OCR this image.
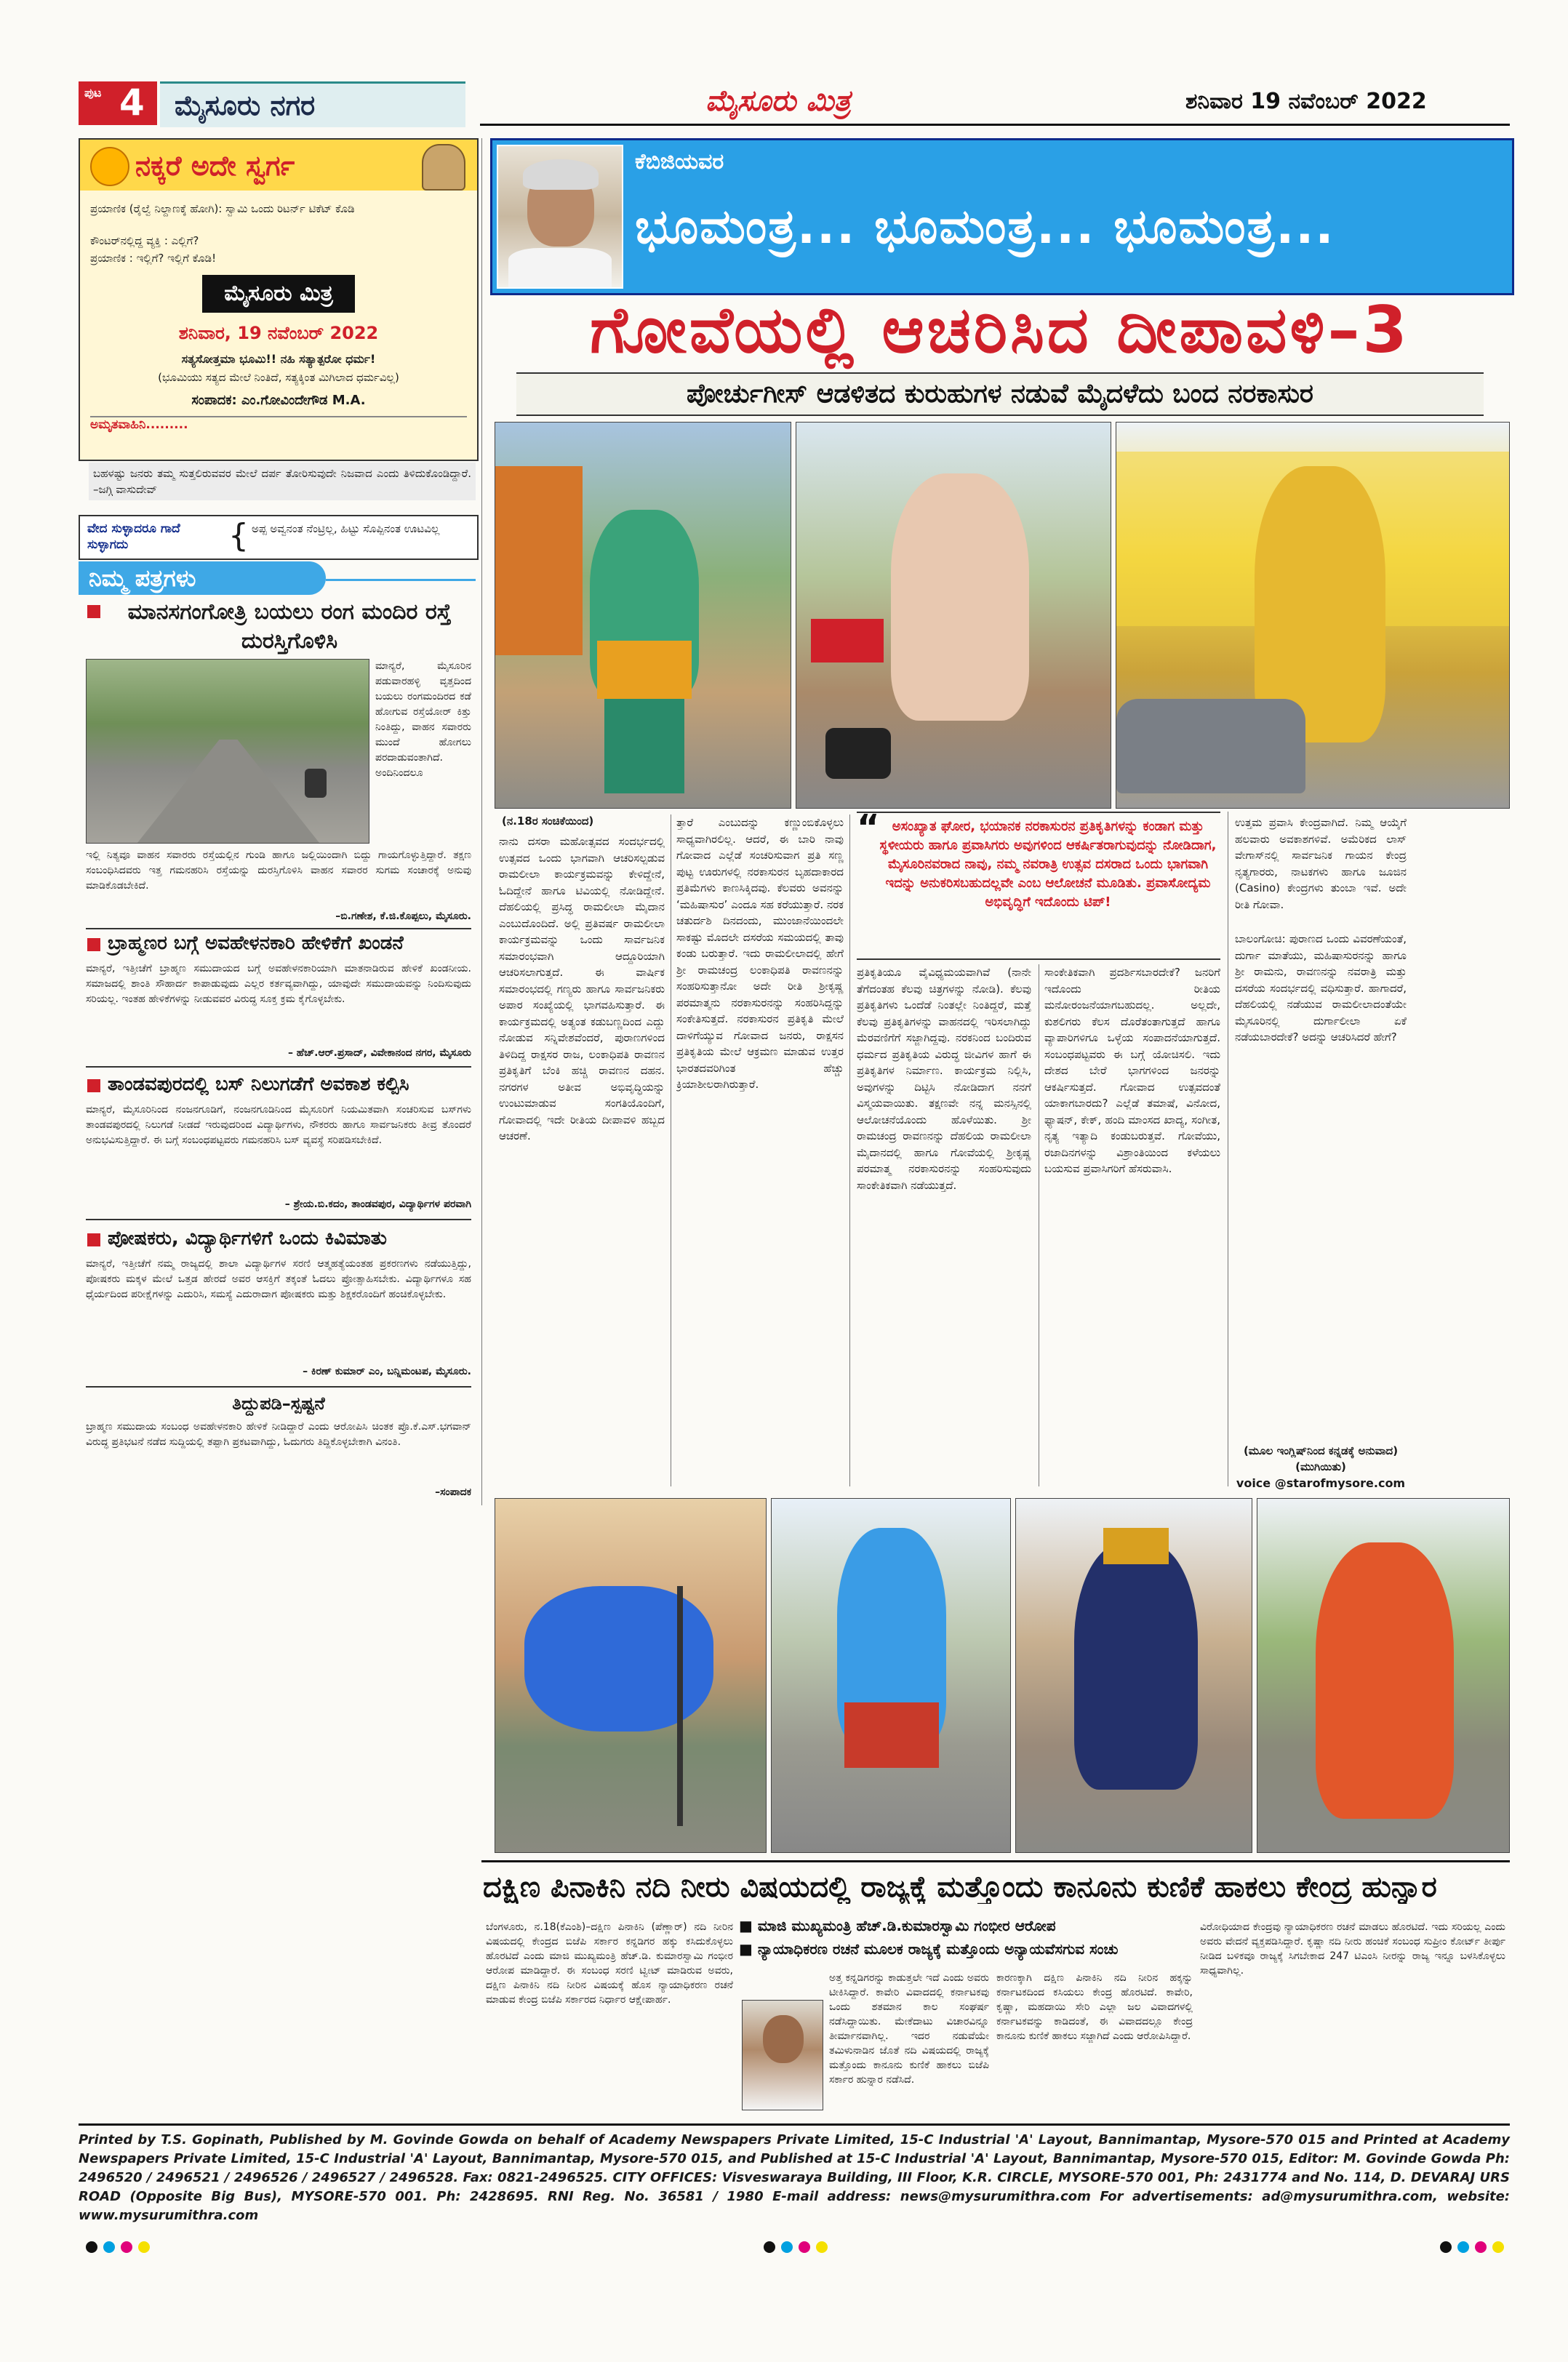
ಪುಟ 4 ಮೈಸೂರು ನಗರ	ಮೈಸೂರು ಮಿತ್ರ	ಶನಿವಾರ 19 ನವೆಂಬರ್ 2022
ನಕ್ಕರೆ ಅದೇ ಸ್ವರ್ಗ
ಪ್ರಯಾಣಿಕ (ರೈಲ್ವೆ ನಿಲ್ದಾಣಕ್ಕೆ ಹೋಗಿ): ಸ್ವಾಮಿ ಒಂದು ರಿಟರ್ನ್ ಟಿಕೆಟ್ ಕೊಡಿ
ಕೌಂಟರ್‌ನಲ್ಲಿದ್ದ ವ್ಯಕ್ತಿ : ಎಲ್ಲಿಗೆ?
ಪ್ರಯಾಣಿಕ : ಇಲ್ಲಿಗೆ? ಇಲ್ಲಿಗೆ ಕೊಡಿ!
ಮೈಸೂರು ಮಿತ್ರ
ಶನಿವಾರ, 19 ನವೆಂಬರ್ 2022
ಸತ್ಯಸೋತ್ತಮಾ ಭೂಮಿ!! ನಹಿ ಸತ್ಯಾತ್ಪರೋ ಧರ್ಮ!
(ಭೂಮಿಯು ಸತ್ಯದ ಮೇಲೆ ನಿಂತಿದೆ, ಸತ್ಯಕ್ಕಿಂತ ಮಿಗಿಲಾದ ಧರ್ಮವಿಲ್ಲ)
ಸಂಪಾದಕ: ಎಂ.ಗೋವಿಂದೇಗೌಡ M.A.
ಅಮೃತವಾಹಿನಿ.........
ಬಹಳಷ್ಟು ಜನರು ತಮ್ಮ ಸುತ್ತಲಿರುವವರ ಮೇಲೆ ದರ್ಪ ತೋರಿಸುವುದೇ ನಿಜವಾದ ಎಂದು ತಿಳಿದುಕೊಂಡಿದ್ದಾರೆ. –ಜಗ್ಗಿ ವಾಸುದೇವ್
ವೇದ ಸುಳ್ಳಾದರೂ ಗಾದೆ ಸುಳ್ಳಾಗದು	{ ಅಪ್ಪ ಅವ್ವನಂತ ನೆಂಟ್ರಿಲ್ಲ, ಹಿಟ್ಟು ಸೊಪ್ಪಿನಂತ ಊಟವಿಲ್ಲ
ನಿಮ್ಮ ಪತ್ರಗಳು
ಮಾನಸಗಂಗೋತ್ರಿ ಬಯಲು ರಂಗ ಮಂದಿರ ರಸ್ತೆ ದುರಸ್ತಿಗೊಳಿಸಿ
ಮಾನ್ಯರೆ, ಮೈಸೂರಿನ ಪಡುವಾರಹಳ್ಳಿ ವೃತ್ತದಿಂದ ಬಯಲು ರಂಗಮಂದಿರದ ಕಡೆ ಹೋಗುವ ರಸ್ತೆಯೋರ್ ಕಿತ್ತು ನಿಂತಿದ್ದು, ವಾಹನ ಸವಾರರು ಮುಂದೆ ಹೋಗಲು ಪರದಾಡುವಂತಾಗಿದೆ. ಅಂದಿನಿಂದಲೂ
ಇಲ್ಲಿ ನಿತ್ಯವೂ ವಾಹನ ಸವಾರರು ರಸ್ತೆಯಲ್ಲಿನ ಗುಂಡಿ ಹಾಗೂ ಜಲ್ಲಿಯಿಂದಾಗಿ ಬಿದ್ದು ಗಾಯಗೊಳ್ಳುತ್ತಿದ್ದಾರೆ. ತಕ್ಷಣ ಸಂಬಂಧಿಸಿದವರು ಇತ್ತ ಗಮನಹರಿಸಿ ರಸ್ತೆಯನ್ನು ದುರಸ್ತಿಗೊಳಿಸಿ ವಾಹನ ಸವಾರರ ಸುಗಮ ಸಂಚಾರಕ್ಕೆ ಅನುವು ಮಾಡಿಕೊಡಬೇಕಿದೆ.
–ಬಿ.ಗಣೇಶ, ಕೆ.ಜಿ.ಕೊಪ್ಪಲು, ಮೈಸೂರು.
ಬ್ರಾಹ್ಮಣರ ಬಗ್ಗೆ ಅವಹೇಳನಕಾರಿ ಹೇಳಿಕೆಗೆ ಖಂಡನೆ
ಮಾನ್ಯರೆ, ಇತ್ತೀಚೆಗೆ ಬ್ರಾಹ್ಮಣ ಸಮುದಾಯದ ಬಗ್ಗೆ ಅವಹೇಳನಕಾರಿಯಾಗಿ ಮಾತನಾಡಿರುವ ಹೇಳಿಕೆ ಖಂಡನೀಯ. ಸಮಾಜದಲ್ಲಿ ಶಾಂತಿ ಸೌಹಾರ್ದ ಕಾಪಾಡುವುದು ಎಲ್ಲರ ಕರ್ತವ್ಯವಾಗಿದ್ದು, ಯಾವುದೇ ಸಮುದಾಯವನ್ನು ನಿಂದಿಸುವುದು ಸರಿಯಲ್ಲ. ಇಂತಹ ಹೇಳಿಕೆಗಳನ್ನು ನೀಡುವವರ ವಿರುದ್ಧ ಸೂಕ್ತ ಕ್ರಮ ಕೈಗೊಳ್ಳಬೇಕು.
– ಹೆಚ್.ಆರ್.ಪ್ರಸಾದ್, ವಿವೇಕಾನಂದ ನಗರ, ಮೈಸೂರು
ತಾಂಡವಪುರದಲ್ಲಿ ಬಸ್ ನಿಲುಗಡೆಗೆ ಅವಕಾಶ ಕಲ್ಪಿಸಿ
ಮಾನ್ಯರೆ, ಮೈಸೂರಿನಿಂದ ನಂಜನಗೂಡಿಗೆ, ನಂಜನಗೂಡಿನಿಂದ ಮೈಸೂರಿಗೆ ನಿಯಮಿತವಾಗಿ ಸಂಚರಿಸುವ ಬಸ್‌ಗಳು ತಾಂಡವಪುರದಲ್ಲಿ ನಿಲುಗಡೆ ನೀಡದೆ ಇರುವುದರಿಂದ ವಿದ್ಯಾರ್ಥಿಗಳು, ನೌಕರರು ಹಾಗೂ ಸಾರ್ವಜನಿಕರು ತೀವ್ರ ತೊಂದರೆ ಅನುಭವಿಸುತ್ತಿದ್ದಾರೆ. ಈ ಬಗ್ಗೆ ಸಂಬಂಧಪಟ್ಟವರು ಗಮನಹರಿಸಿ ಬಸ್ ವ್ಯವಸ್ಥೆ ಸರಿಪಡಿಸಬೇಕಿದೆ.
– ಶ್ರೇಯ.ಬಿ.ಕದಂ, ತಾಂಡವಪುರ, ವಿದ್ಯಾರ್ಥಿಗಳ ಪರವಾಗಿ
ಪೋಷಕರು, ವಿದ್ಯಾರ್ಥಿಗಳಿಗೆ ಒಂದು ಕಿವಿಮಾತು
ಮಾನ್ಯರೆ, ಇತ್ತೀಚೆಗೆ ನಮ್ಮ ರಾಜ್ಯದಲ್ಲಿ ಶಾಲಾ ವಿದ್ಯಾರ್ಥಿಗಳ ಸರಣಿ ಆತ್ಮಹತ್ಯೆಯಂತಹ ಪ್ರಕರಣಗಳು ನಡೆಯುತ್ತಿದ್ದು, ಪೋಷಕರು ಮಕ್ಕಳ ಮೇಲೆ ಒತ್ತಡ ಹೇರದೆ ಅವರ ಆಸಕ್ತಿಗೆ ತಕ್ಕಂತೆ ಓದಲು ಪ್ರೋತ್ಸಾಹಿಸಬೇಕು. ವಿದ್ಯಾರ್ಥಿಗಳೂ ಸಹ ಧೈರ್ಯದಿಂದ ಪರೀಕ್ಷೆಗಳನ್ನು ಎದುರಿಸಿ, ಸಮಸ್ಯೆ ಎದುರಾದಾಗ ಪೋಷಕರು ಮತ್ತು ಶಿಕ್ಷಕರೊಂದಿಗೆ ಹಂಚಿಕೊಳ್ಳಬೇಕು.
– ಕಿರಣ್ ಕುಮಾರ್ ಎಂ, ಬನ್ನಿಮಂಟಪ, ಮೈಸೂರು.
ತಿದ್ದುಪಡಿ–ಸ್ಪಷ್ಟನೆ
ಬ್ರಾಹ್ಮಣ ಸಮುದಾಯ ಸಂಬಂಧ ಅವಹೇಳನಕಾರಿ ಹೇಳಿಕೆ ನೀಡಿದ್ದಾರೆ ಎಂದು ಆರೋಪಿಸಿ ಚಿಂತಕ ಪ್ರೊ.ಕೆ.ಎಸ್.ಭಗವಾನ್ ವಿರುದ್ಧ ಪ್ರತಿಭಟನೆ ನಡೆದ ಸುದ್ದಿಯಲ್ಲಿ ತಪ್ಪಾಗಿ ಪ್ರಕಟವಾಗಿದ್ದು, ಓದುಗರು ತಿದ್ದಿಕೊಳ್ಳಬೇಕಾಗಿ ವಿನಂತಿ.
–ಸಂಪಾದಕ
ಕೆಬಿಜಿಯವರ
ಭೂಮಂತ್ರ... ಭೂಮಂತ್ರ... ಭೂಮಂತ್ರ...
ಗೋವೆಯಲ್ಲಿ ಆಚರಿಸಿದ ದೀಪಾವಳಿ–3
ಪೋರ್ಚುಗೀಸ್ ಆಡಳಿತದ ಕುರುಹುಗಳ ನಡುವೆ ಮೈದಳೆದು ಬಂದ ನರಕಾಸುರ
(ನ.18ರ ಸಂಚಿಕೆಯಿಂದ)
ನಾನು ದಸರಾ ಮಹೋತ್ಸವದ ಸಂದರ್ಭದಲ್ಲಿ ಉತ್ಸವದ ಒಂದು ಭಾಗವಾಗಿ ಆಚರಿಸಲ್ಪಡುವ ರಾಮಲೀಲಾ ಕಾರ್ಯಕ್ರಮವನ್ನು ಕೇಳಿದ್ದೇನೆ, ಓದಿದ್ದೇನೆ ಹಾಗೂ ಟಿವಿಯಲ್ಲಿ ನೋಡಿದ್ದೇನೆ. ದೆಹಲಿಯಲ್ಲಿ ಪ್ರಸಿದ್ಧ ರಾಮಲೀಲಾ ಮೈದಾನ ಎಂಬುದೊಂದಿದೆ. ಅಲ್ಲಿ ಪ್ರತಿವರ್ಷ ರಾಮಲೀಲಾ ಕಾರ್ಯಕ್ರಮವನ್ನು ಒಂದು ಸಾರ್ವಜನಿಕ ಸಮಾರಂಭವಾಗಿ ಆದ್ದೂರಿಯಾಗಿ ಆಚರಿಸಲಾಗುತ್ತದೆ. ಈ ವಾರ್ಷಿಕ ಸಮಾರಂಭದಲ್ಲಿ ಗಣ್ಯರು ಹಾಗೂ ಸಾರ್ವಜನಿಕರು ಅಪಾರ ಸಂಖ್ಯೆಯಲ್ಲಿ ಭಾಗವಹಿಸುತ್ತಾರೆ. ಈ ಕಾರ್ಯಕ್ರಮದಲ್ಲಿ ಅತ್ಯಂತ ಕಡುಬಣ್ಣದಿಂದ ಎದ್ದು ನೋಡುವ ಸನ್ನಿವೇಶವೆಂದರೆ, ಪುರಾಣಗಳಿಂದ ತಿಳಿದಿದ್ದ ರಾಕ್ಷಸರ ರಾಜ, ಲಂಕಾಧಿಪತಿ ರಾವಣನ ಪ್ರತಿಕೃತಿಗೆ ಬೆಂಕಿ ಹಚ್ಚಿ ರಾವಣನ ದಹನ. ನಗರಗಳ ಅತೀವ ಅಭಿವೃದ್ಧಿಯನ್ನು ಉಂಟುಮಾಡುವ ಸಂಗತಿಯೊಂದಿಗೆ, ಗೋವಾದಲ್ಲಿ ಇದೇ ರೀತಿಯ ದೀಪಾವಳಿ ಹಬ್ಬದ ಆಚರಣೆ.
ತ್ತಾರೆ ಎಂಬುದನ್ನು ಕಣ್ಣುಂಬಿಕೊಳ್ಳಲು ಸಾಧ್ಯವಾಗಿರಲಿಲ್ಲ. ಆದರೆ, ಈ ಬಾರಿ ನಾವು ಗೋವಾದ ಎಲ್ಲೆಡೆ ಸಂಚರಿಸುವಾಗ ಪ್ರತಿ ಸಣ್ಣ ಪುಟ್ಟ ಊರುಗಳಲ್ಲಿ ನರಕಾಸುರನ ಬೃಹದಾಕಾರದ ಪ್ರತಿಮೆಗಳು ಕಾಣಸಿಕ್ಕಿದವು. ಕೆಲವರು ಅವನನ್ನು ‘ಮಹಿಷಾಸುರ’ ಎಂದೂ ಸಹ ಕರೆಯುತ್ತಾರೆ. ನರಕ ಚತುರ್ದಶಿ ದಿನದಂದು, ಮುಂಜಾನೆಯಿಂದಲೇ ಸಾಕಷ್ಟು ಮೊದಲೇ ದಸರೆಯ ಸಮಯದಲ್ಲಿ ತಾವು ಕಂಡು ಬರುತ್ತಾರೆ. ಇದು ರಾಮಲೀಲಾದಲ್ಲಿ ಹೇಗೆ ಶ್ರೀ ರಾಮಚಂದ್ರ ಲಂಕಾಧಿಪತಿ ರಾವಣನನ್ನು ಸಂಹರಿಸುತ್ತಾನೋ ಅದೇ ರೀತಿ ಶ್ರೀಕೃಷ್ಣ ಪರಮಾತ್ಮನು ನರಕಾಸುರನನ್ನು ಸಂಹರಿಸಿದ್ದನ್ನು ಸಂಕೇತಿಸುತ್ತದೆ. ನರಕಾಸುರನ ಪ್ರತಿಕೃತಿ ಮೇಲೆ ದಾಳಿಗೆಯ್ಯುವ ಗೋವಾದ ಜನರು, ರಾಕ್ಷಸನ ಪ್ರತಿಕೃತಿಯ ಮೇಲೆ ಆಕ್ರಮಣ ಮಾಡುವ ಉತ್ತರ ಭಾರತದವರಿಗಿಂತ ಹೆಚ್ಚು ಕ್ರಿಯಾಶೀಲರಾಗಿರುತ್ತಾರೆ.
“ ಅಸಂಖ್ಯಾತ ಘೋರ, ಭಯಾನಕ ನರಕಾಸುರನ ಪ್ರತಿಕೃತಿಗಳನ್ನು ಕಂಡಾಗ ಮತ್ತು ಸ್ಥಳೀಯರು ಹಾಗೂ ಪ್ರವಾಸಿಗರು ಅವುಗಳಿಂದ ಆಕರ್ಷಿತರಾಗುವುದನ್ನು ನೋಡಿದಾಗ, ಮೈಸೂರಿನವರಾದ ನಾವು, ನಮ್ಮ ನವರಾತ್ರಿ ಉತ್ಸವ ದಸರಾದ ಒಂದು ಭಾಗವಾಗಿ ಇದನ್ನು ಅನುಕರಿಸಬಹುದಲ್ಲವೇ ಎಂಬ ಆಲೋಚನೆ ಮೂಡಿತು. ಪ್ರವಾಸೋದ್ಯಮ ಅಭಿವೃದ್ಧಿಗೆ ಇದೊಂದು ಟಿಪ್!
ಪ್ರತಿಕೃತಿಯೂ ವೈವಿಧ್ಯಮಯವಾಗಿವೆ (ನಾನೇ ತೆಗೆದಂತಹ ಕೆಲವು ಚಿತ್ರಗಳನ್ನು ನೋಡಿ). ಕೆಲವು ಪ್ರತಿಕೃತಿಗಳು ಒಂದೆಡೆ ನಿಂತಲ್ಲೇ ನಿಂತಿದ್ದರೆ, ಮತ್ತೆ ಕೆಲವು ಪ್ರತಿಕೃತಿಗಳನ್ನು ವಾಹನದಲ್ಲಿ ಇರಿಸಲಾಗಿದ್ದು ಮೆರವಣಿಗೆಗೆ ಸಜ್ಜಾಗಿದ್ದವು. ನರಕನಿಂದ ಬಂದಿರುವ ಧರ್ಮದ ಪ್ರತಿಕೃತಿಯ ವಿರುದ್ಧ ಜೀವಿಗಳ ಹಾಗೆ ಈ ಪ್ರತಿಕೃತಿಗಳ ನಿರ್ಮಾಣ. ಕಾರ್ಯಕ್ರಮ ನಿಲ್ಲಿಸಿ, ಅವುಗಳನ್ನು ದಿಟ್ಟಿಸಿ ನೋಡಿದಾಗ ನನಗೆ ವಿಸ್ಮಯವಾಯಿತು. ತಕ್ಷಣವೇ ನನ್ನ ಮನಸ್ಸಿನಲ್ಲಿ ಆಲೋಚನೆಯೊಂದು ಹೊಳೆಯಿತು. ಶ್ರೀ ರಾಮಚಂದ್ರ ರಾವಣನನ್ನು ದೆಹಲಿಯ ರಾಮಲೀಲಾ ಮೈದಾನದಲ್ಲಿ ಹಾಗೂ ಗೋವೆಯಲ್ಲಿ ಶ್ರೀಕೃಷ್ಣ ಪರಮಾತ್ಮ ನರಕಾಸುರನನ್ನು ಸಂಹರಿಸುವುದು ಸಾಂಕೇತಿಕವಾಗಿ ನಡೆಯುತ್ತದೆ.
ಸಾಂಕೇತಿಕವಾಗಿ ಪ್ರದರ್ಶಿಸಬಾರದೇಕೆ? ಜನರಿಗೆ ಇದೊಂದು ರೀತಿಯ ಮನೋರಂಜನೆಯಾಗಬಹುದಲ್ಲ. ಅಲ್ಲದೇ, ಕುಶಲಿಗರು ಕೆಲಸ ದೊರೆತಂತಾಗುತ್ತದೆ ಹಾಗೂ ವ್ಯಾಪಾರಿಗಳಿಗೂ ಒಳ್ಳೆಯ ಸಂಪಾದನೆಯಾಗುತ್ತದೆ. ಸಂಬಂಧಪಟ್ಟವರು ಈ ಬಗ್ಗೆ ಯೋಚಿಸಲಿ. ಇದು ದೇಶದ ಬೇರೆ ಭಾಗಗಳಿಂದ ಜನರನ್ನು ಆಕರ್ಷಿಸುತ್ತದೆ. ಗೋವಾದ ಉತ್ಸವದಂತೆ ಯಾಕಾಗಬಾರದು? ಎಲ್ಲೆಡೆ ತಮಾಷೆ, ವಿನೋದ, ಫ್ಯಾಷನ್, ಕೇಕ್, ಹಂದಿ ಮಾಂಸದ ಖಾದ್ಯ, ಸಂಗೀತ, ನೃತ್ಯ ಇತ್ಯಾದಿ ಕಂಡುಬರುತ್ತವೆ. ಗೋವೆಯು, ರಜಾದಿನಗಳನ್ನು ವಿಶ್ರಾಂತಿಯಿಂದ ಕಳೆಯಲು ಬಯಸುವ ಪ್ರವಾಸಿಗರಿಗೆ ಹೆಸರುವಾಸಿ.
ಉತ್ತಮ ಪ್ರವಾಸಿ ಕೇಂದ್ರವಾಗಿದೆ. ನಿಮ್ಮ ಆಯ್ಕೆಗೆ ಹಲವಾರು ಅವಕಾಶಗಳಿವೆ. ಅಮೆರಿಕದ ಲಾಸ್ ವೇಗಾಸ್‌ನಲ್ಲಿ ಸಾರ್ವಜನಿಕ ಗಾಯನ ಕೇಂದ್ರ ನೃತ್ಯಗಾರರು, ನಾಟಕಗಳು ಹಾಗೂ ಜೂಜಿನ (Casino) ಕೇಂದ್ರಗಳು ತುಂಬಾ ಇವೆ. ಅದೇ ರೀತಿ ಗೋವಾ.
ಬಾಲಂಗೋಚಿ: ಪುರಾಣದ ಒಂದು ವಿವರಣೆಯಂತೆ, ದುರ್ಗಾ ಮಾತೆಯು, ಮಹಿಷಾಸುರನನ್ನು ಹಾಗೂ ಶ್ರೀ ರಾಮನು, ರಾವಣನನ್ನು ನವರಾತ್ರಿ ಮತ್ತು ದಸರೆಯ ಸಂದರ್ಭದಲ್ಲಿ ವಧಿಸುತ್ತಾರೆ. ಹಾಗಾದರೆ, ದೆಹಲಿಯಲ್ಲಿ ನಡೆಯುವ ರಾಮಲೀಲಾದಂತೆಯೇ ಮೈಸೂರಿನಲ್ಲಿ ದುರ್ಗಾಲೀಲಾ ಏಕೆ ನಡೆಯಬಾರದೇಕೆ? ಅದನ್ನು ಆಚರಿಸಿದರೆ ಹೇಗೆ?
(ಮೂಲ ಇಂಗ್ಲಿಷ್‌ನಿಂದ ಕನ್ನಡಕ್ಕೆ ಅನುವಾದ) (ಮುಗಿಯಿತು)
voice @starofmysore.com
ದಕ್ಷಿಣ ಪಿನಾಕಿನಿ ನದಿ ನೀರು ವಿಷಯದಲ್ಲಿ ರಾಜ್ಯಕ್ಕೆ ಮತ್ತೊಂದು ಕಾನೂನು ಕುಣಿಕೆ ಹಾಕಲು ಕೇಂದ್ರ ಹುನ್ನಾರ
ಬೆಂಗಳೂರು, ನ.18(ಕೆಎಂಶಿ)–ದಕ್ಷಿಣ ಪಿನಾಕಿನಿ (ಪೆಣ್ಣಾರ್) ನದಿ ನೀರಿನ ವಿಷಯದಲ್ಲಿ ಕೇಂದ್ರದ ಬಿಜೆಪಿ ಸರ್ಕಾರ ಕನ್ನಡಿಗರ ಹಕ್ಕು ಕಸಿದುಕೊಳ್ಳಲು ಹೊರಟಿದೆ ಎಂದು ಮಾಜಿ ಮುಖ್ಯಮಂತ್ರಿ ಹೆಚ್.ಡಿ. ಕುಮಾರಸ್ವಾಮಿ ಗಂಭೀರ ಆರೋಪ ಮಾಡಿದ್ದಾರೆ. ಈ ಸಂಬಂಧ ಸರಣಿ ಟ್ವೀಟ್ ಮಾಡಿರುವ ಅವರು, ದಕ್ಷಿಣ ಪಿನಾಕಿನಿ ನದಿ ನೀರಿನ ವಿಷಯಕ್ಕೆ ಹೊಸ ನ್ಯಾಯಾಧಿಕರಣ ರಚನೆ ಮಾಡುವ ಕೇಂದ್ರ ಬಿಜೆಪಿ ಸರ್ಕಾರದ ನಿರ್ಧಾರ ಆಕ್ಷೇಪಾರ್ಹ.
■ ಮಾಜಿ ಮುಖ್ಯಮಂತ್ರಿ ಹೆಚ್.ಡಿ.ಕುಮಾರಸ್ವಾಮಿ ಗಂಭೀರ ಆರೋಪ
■ ನ್ಯಾಯಾಧಿಕರಣ ರಚನೆ ಮೂಲಕ ರಾಜ್ಯಕ್ಕೆ ಮತ್ತೊಂದು ಅನ್ಯಾಯವೆಸಗುವ ಸಂಚು
ಅತ್ತ ಕನ್ನಡಿಗರನ್ನು ಕಾಡುತ್ತಲೇ ಇದೆ ಎಂದು ಅವರು ಟೀಕಿಸಿದ್ದಾರೆ. ಕಾವೇರಿ ವಿವಾದದಲ್ಲಿ ಕರ್ನಾಟಕವು ಒಂದು ಶತಮಾನ ಕಾಲ ಸಂಘರ್ಷ ನಡೆಸಿದ್ದಾಯಿತು. ಮೇಕೆದಾಟು ವಿಚಾರವಿನ್ನೂ ತೀರ್ಮಾನವಾಗಿಲ್ಲ. ಇದರ ನಡುವೆಯೇ ತಮಿಳುನಾಡಿನ ಜೊತೆ ನದಿ ವಿಷಯದಲ್ಲಿ ರಾಜ್ಯಕ್ಕೆ ಮತ್ತೊಂದು ಕಾನೂನು ಕುಣಿಕೆ ಹಾಕಲು ಬಿಜೆಪಿ ಸರ್ಕಾರ ಹುನ್ನಾರ ನಡೆಸಿದೆ.
ಕಾರಣಕ್ಕಾಗಿ ದಕ್ಷಿಣ ಪಿನಾಕಿನಿ ನದಿ ನೀರಿನ ಹಕ್ಕನ್ನು ಕರ್ನಾಟಕದಿಂದ ಕಸಿಯಲು ಕೇಂದ್ರ ಹೊರಟಿದೆ. ಕಾವೇರಿ, ಕೃಷ್ಣಾ, ಮಹದಾಯಿ ಸೇರಿ ಎಲ್ಲಾ ಜಲ ವಿವಾದಗಳಲ್ಲಿ ಕರ್ನಾಟಕವನ್ನು ಕಾಡಿದಂತೆ, ಈ ವಿವಾದದಲ್ಲೂ ಕೇಂದ್ರ ಕಾನೂನು ಕುಣಿಕೆ ಹಾಕಲು ಸಜ್ಜಾಗಿದೆ ಎಂದು ಆರೋಪಿಸಿದ್ದಾರೆ.
ವಿರೋಧಿಯಾದ ಕೇಂದ್ರವು ನ್ಯಾಯಾಧಿಕರಣ ರಚನೆ ಮಾಡಲು ಹೊರಟಿದೆ. ಇದು ಸರಿಯಲ್ಲ ಎಂದು ಅವರು ವೇದನೆ ವ್ಯಕ್ತಪಡಿಸಿದ್ದಾರೆ. ಕೃಷ್ಣಾ ನದಿ ನೀರು ಹಂಚಿಕೆ ಸಂಬಂಧ ಸುಪ್ರೀಂ ಕೋರ್ಟ್ ತೀರ್ಪು ನೀಡಿದ ಬಳಿಕವೂ ರಾಜ್ಯಕ್ಕೆ ಸಿಗಬೇಕಾದ 247 ಟಿಎಂಸಿ ನೀರನ್ನು ರಾಜ್ಯ ಇನ್ನೂ ಬಳಸಿಕೊಳ್ಳಲು ಸಾಧ್ಯವಾಗಿಲ್ಲ.
Printed by T.S. Gopinath, Published by M. Govinde Gowda on behalf of Academy Newspapers Private Limited, 15-C Industrial 'A' Layout, Bannimantap, Mysore-570 015 and Printed at Academy Newspapers Private Limited, 15-C Industrial 'A' Layout, Bannimantap, Mysore-570 015, and Published at 15-C Industrial 'A' Layout, Bannimantap, Mysore-570 015, Editor: M. Govinde Gowda Ph: 2496520 / 2496521 / 2496526 / 2496527 / 2496528. Fax: 0821-2496525. CITY OFFICES: Visveswaraya Building, III Floor, K.R. CIRCLE, MYSORE-570 001, Ph: 2431774 and No. 114, D. DEVARAJ URS ROAD (Opposite Big Bus), MYSORE-570 001. Ph: 2428695. RNI Reg. No. 36581 / 1980 E-mail address: news@mysurumithra.com For advertisements: ad@mysurumithra.com, website: www.mysurumithra.com
